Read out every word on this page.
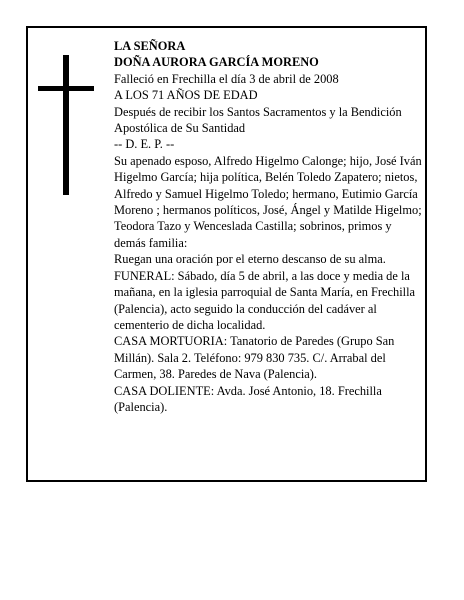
LA SEÑORA

DOÑA AURORA GARCÍA MORENO

Falleció en Frechilla el día 3 de abril de 2008

A LOS 71 AÑOS DE EDAD

Después de recibir los Santos Sacramentos y la Bendición Apostólica de Su Santidad

-- D. E. P. --

Su apenado esposo, Alfredo Higelmo Calonge; hijo, José Iván Higelmo García; hija política, Belén Toledo Zapatero; nietos, Alfredo y Samuel Higelmo Toledo; hermano, Eutimio García Moreno ; hermanos políticos, José, Ángel y Matilde Higelmo; Teodora Tazo y Wenceslada Castilla; sobrinos, primos y demás familia:

Ruegan una oración por el eterno descanso de su alma.

FUNERAL: Sábado, día 5 de abril, a las doce y media de la mañana, en la iglesia parroquial de Santa María, en Frechilla (Palencia), acto seguido la conducción del cadáver al cementerio de dicha localidad.

CASA MORTUORIA: Tanatorio de Paredes (Grupo San Millán). Sala 2. Teléfono: 979 830 735. C/. Arrabal del Carmen, 38. Paredes de Nava (Palencia).

CASA DOLIENTE: Avda. José Antonio, 18. Frechilla (Palencia).
